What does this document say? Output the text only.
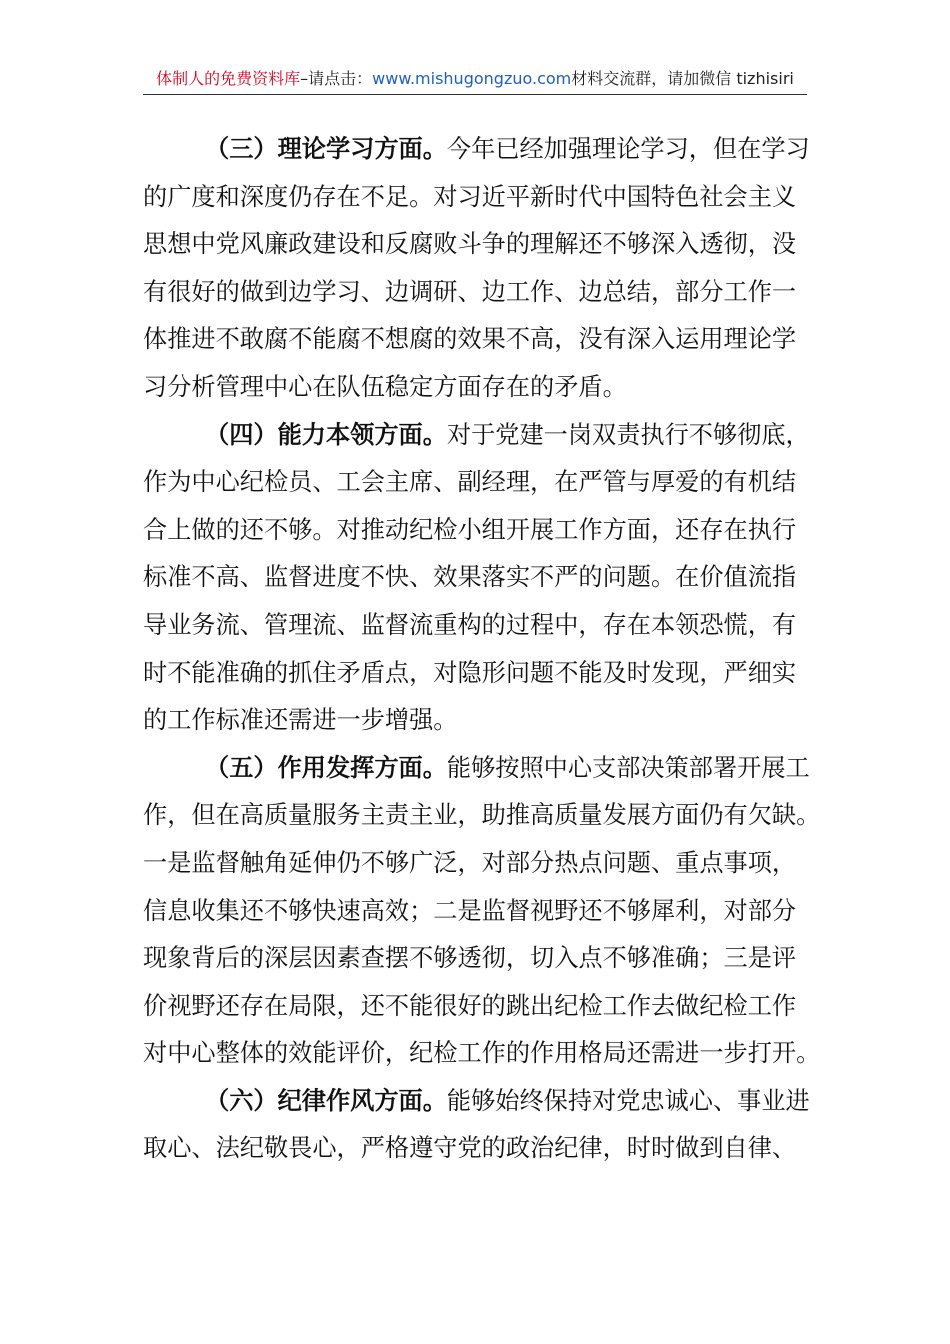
体制人的免费资料库–请点击：www.mishugongzuo.com材料交流群，请加微信 tizhisiri
（三）理论学习方面。今年已经加强理论学习，但在学习
的广度和深度仍存在不足。对习近平新时代中国特色社会主义
思想中党风廉政建设和反腐败斗争的理解还不够深入透彻，没
有很好的做到边学习、边调研、边工作、边总结，部分工作一
体推进不敢腐不能腐不想腐的效果不高，没有深入运用理论学
习分析管理中心在队伍稳定方面存在的矛盾。
（四）能力本领方面。对于党建一岗双责执行不够彻底，
作为中心纪检员、工会主席、副经理，在严管与厚爱的有机结
合上做的还不够。对推动纪检小组开展工作方面，还存在执行
标准不高、监督进度不快、效果落实不严的问题。在价值流指
导业务流、管理流、监督流重构的过程中，存在本领恐慌，有
时不能准确的抓住矛盾点，对隐形问题不能及时发现，严细实
的工作标准还需进一步增强。
（五）作用发挥方面。能够按照中心支部决策部署开展工
作，但在高质量服务主责主业，助推高质量发展方面仍有欠缺。
一是监督触角延伸仍不够广泛，对部分热点问题、重点事项，
信息收集还不够快速高效；二是监督视野还不够犀利，对部分
现象背后的深层因素查摆不够透彻，切入点不够准确；三是评
价视野还存在局限，还不能很好的跳出纪检工作去做纪检工作
对中心整体的效能评价，纪检工作的作用格局还需进一步打开。
（六）纪律作风方面。能够始终保持对党忠诚心、事业进
取心、法纪敬畏心，严格遵守党的政治纪律，时时做到自律、
